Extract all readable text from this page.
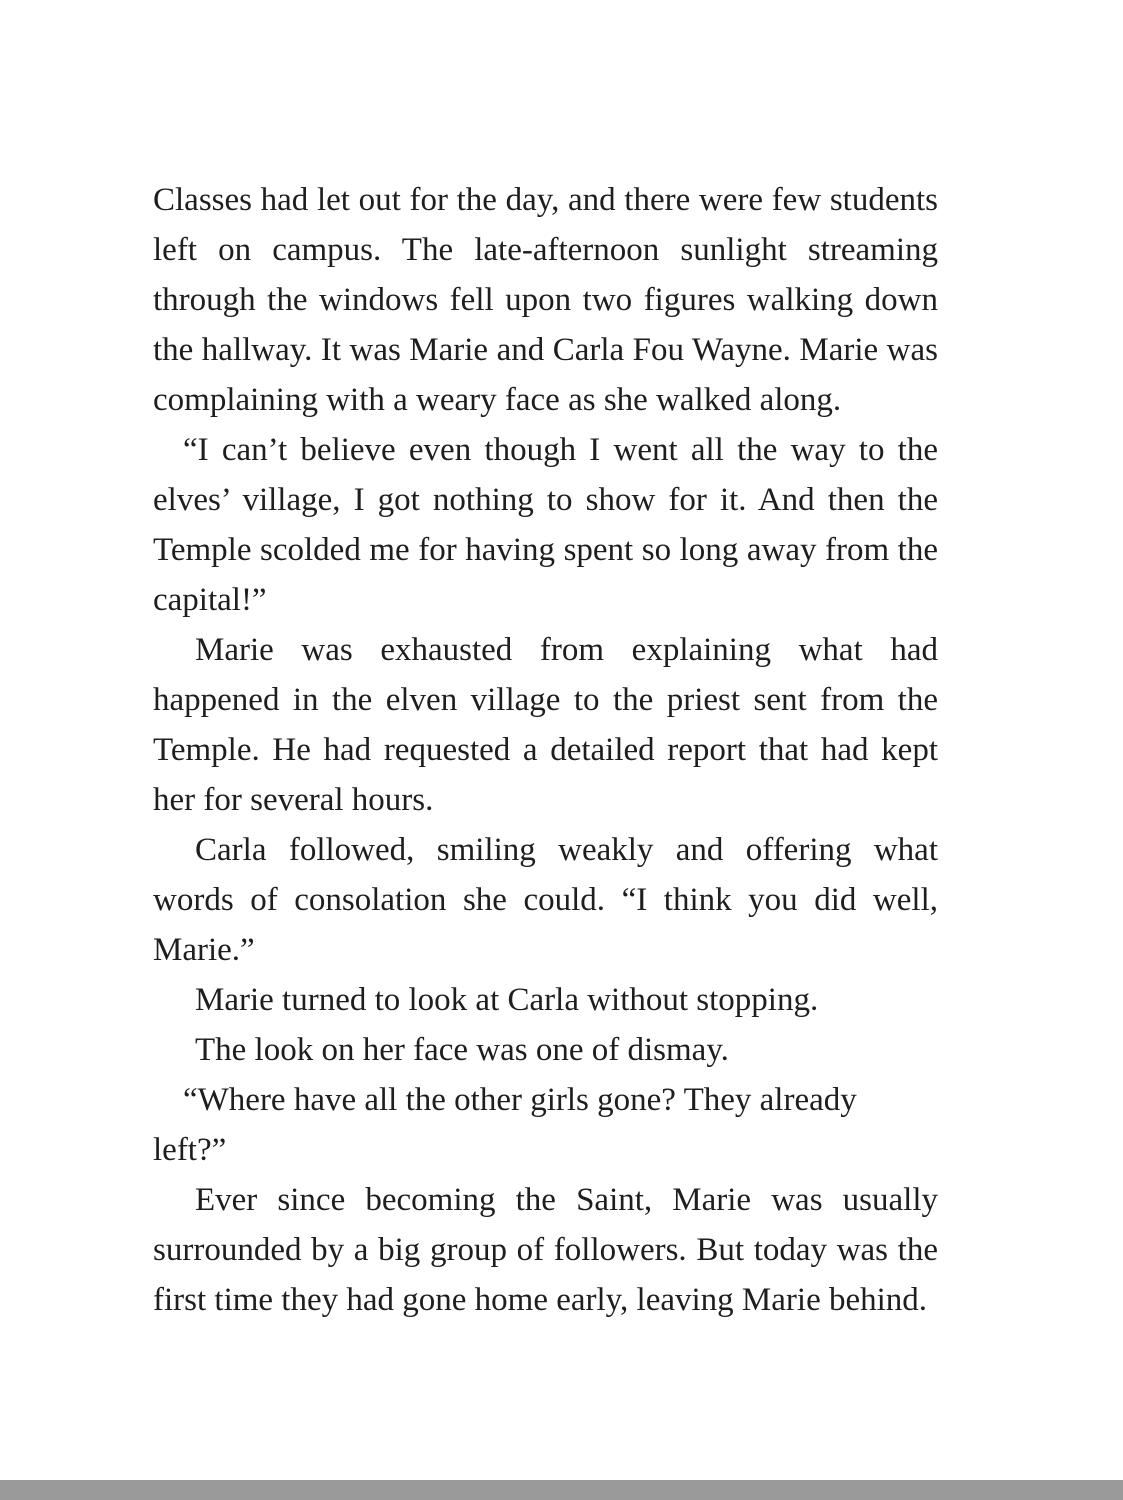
Classes had let out for the day, and there were few students left on campus. The late-afternoon sunlight streaming through the windows fell upon two figures walking down the hallway. It was Marie and Carla Fou Wayne. Marie was complaining with a weary face as she walked along.

“I can’t believe even though I went all the way to the elves’ village, I got nothing to show for it. And then the Temple scolded me for having spent so long away from the capital!”

Marie was exhausted from explaining what had happened in the elven village to the priest sent from the Temple. He had requested a detailed report that had kept her for several hours.

Carla followed, smiling weakly and offering what words of consolation she could. “I think you did well, Marie.”

Marie turned to look at Carla without stopping.

The look on her face was one of dismay.

“Where have all the other girls gone? They already left?”

Ever since becoming the Saint, Marie was usually surrounded by a big group of followers. But today was the first time they had gone home early, leaving Marie behind.
